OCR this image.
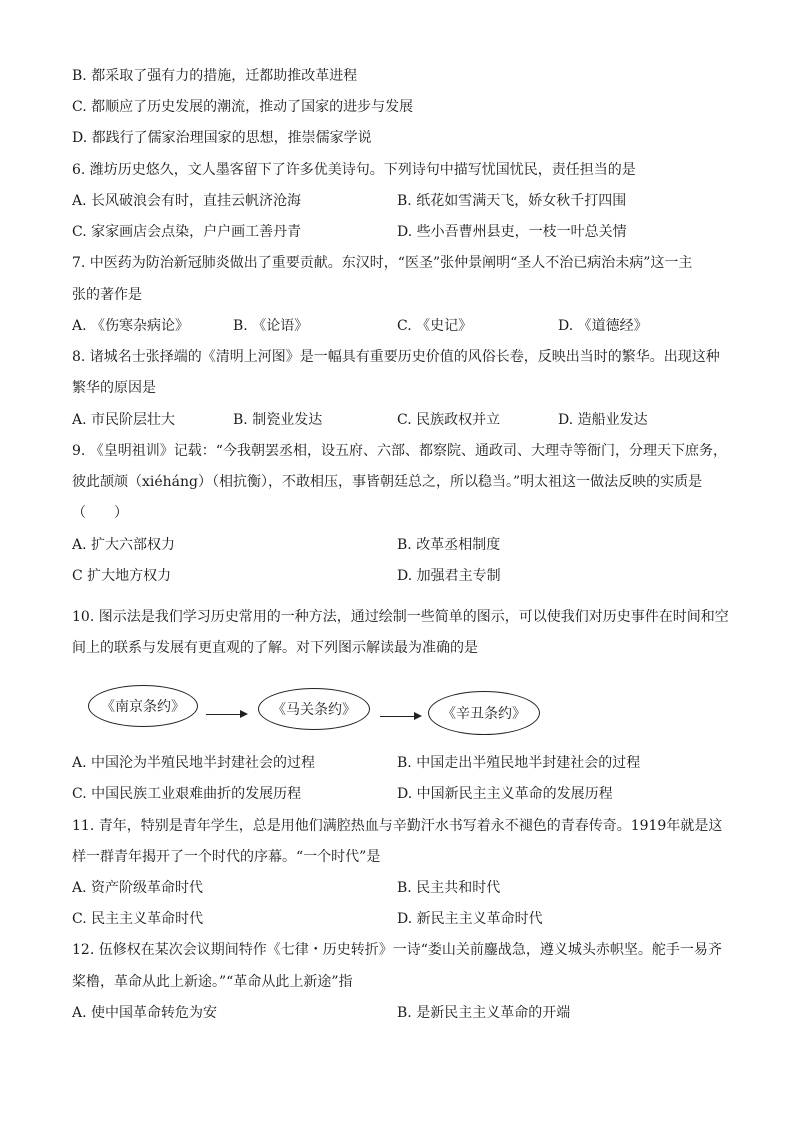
B. 都采取了强有力的措施，迁都助推改革进程
C. 都顺应了历史发展的潮流，推动了国家的进步与发展
D. 都践行了儒家治理国家的思想，推崇儒家学说
6. 潍坊历史悠久，文人墨客留下了许多优美诗句。下列诗句中描写忧国忧民，责任担当的是
A. 长风破浪会有时，直挂云帆济沧海	B. 纸花如雪满天飞，娇女秋千打四围
C. 家家画店会点染，户户画工善丹青	D. 些小吾曹州县吏，一枝一叶总关情
7. 中医药为防治新冠肺炎做出了重要贡献。东汉时，“医圣”张仲景阐明“圣人不治已病治未病”这一主
张的著作是
A. 《伤寒杂病论》	B. 《论语》	C. 《史记》	D. 《道德经》
8. 诸城名士张择端的《清明上河图》是一幅具有重要历史价值的风俗长卷，反映出当时的繁华。出现这种
繁华的原因是
A. 市民阶层壮大	B. 制瓷业发达	C. 民族政权并立	D. 造船业发达
9. 《皇明祖训》记载：“今我朝罢丞相，设五府、六部、都察院、通政司、大理寺等衙门，分理天下庶务，
彼此颉颃（xiéháng）（相抗衡），不敢相压，事皆朝廷总之，所以稳当。”明太祖这一做法反映的实质是
（　　）
A. 扩大六部权力	B. 改革丞相制度
C 扩大地方权力	D. 加强君主专制
10. 图示法是我们学习历史常用的一种方法，通过绘制一些简单的图示，可以使我们对历史事件在时间和空
间上的联系与发展有更直观的了解。对下列图示解读最为准确的是
《南京条约》	《马关条约》	《辛丑条约》
A. 中国沦为半殖民地半封建社会的过程	B. 中国走出半殖民地半封建社会的过程
C. 中国民族工业艰难曲折的发展历程	D. 中国新民主主义革命的发展历程
11. 青年，特别是青年学生，总是用他们满腔热血与辛勤汗水书写着永不褪色的青春传奇。1919年就是这
样一群青年揭开了一个时代的序幕。“一个时代”是
A. 资产阶级革命时代	B. 民主共和时代
C. 民主主义革命时代	D. 新民主主义革命时代
12. 伍修权在某次会议期间特作《七律・历史转折》一诗“娄山关前鏖战急，遵义城头赤帜坚。舵手一易齐
桨橹，革命从此上新途。”“革命从此上新途”指
A. 使中国革命转危为安	B. 是新民主主义革命的开端
